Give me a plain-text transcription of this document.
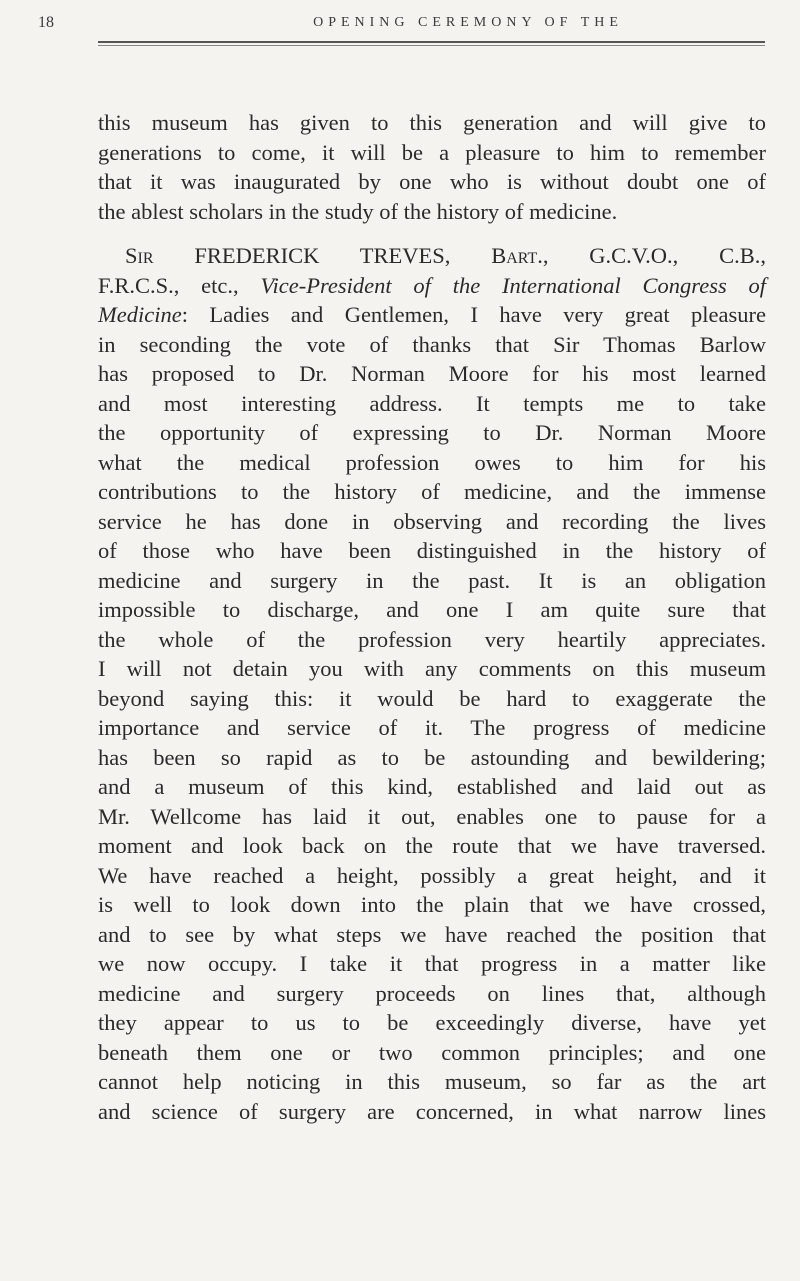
18	OPENING CEREMONY OF THE
this museum has given to this generation and will give to
generations to come, it will be a pleasure to him to remember
that it was inaugurated by one who is without doubt one of
the ablest scholars in the study of the history of medicine.
Sir FREDERICK TREVES, Bart., G.C.V.O., C.B.,
F.R.C.S., etc., Vice-President of the International Congress of
Medicine: Ladies and Gentlemen, I have very great pleasure
in seconding the vote of thanks that Sir Thomas Barlow
has proposed to Dr. Norman Moore for his most learned
and most interesting address. It tempts me to take
the opportunity of expressing to Dr. Norman Moore
what the medical profession owes to him for his
contributions to the history of medicine, and the immense
service he has done in observing and recording the lives
of those who have been distinguished in the history of
medicine and surgery in the past. It is an obligation
impossible to discharge, and one I am quite sure that
the whole of the profession very heartily appreciates.
I will not detain you with any comments on this museum
beyond saying this: it would be hard to exaggerate the
importance and service of it. The progress of medicine
has been so rapid as to be astounding and bewildering;
and a museum of this kind, established and laid out as
Mr. Wellcome has laid it out, enables one to pause for a
moment and look back on the route that we have traversed.
We have reached a height, possibly a great height, and it
is well to look down into the plain that we have crossed,
and to see by what steps we have reached the position that
we now occupy. I take it that progress in a matter like
medicine and surgery proceeds on lines that, although
they appear to us to be exceedingly diverse, have yet
beneath them one or two common principles; and one
cannot help noticing in this museum, so far as the art
and science of surgery are concerned, in what narrow lines
